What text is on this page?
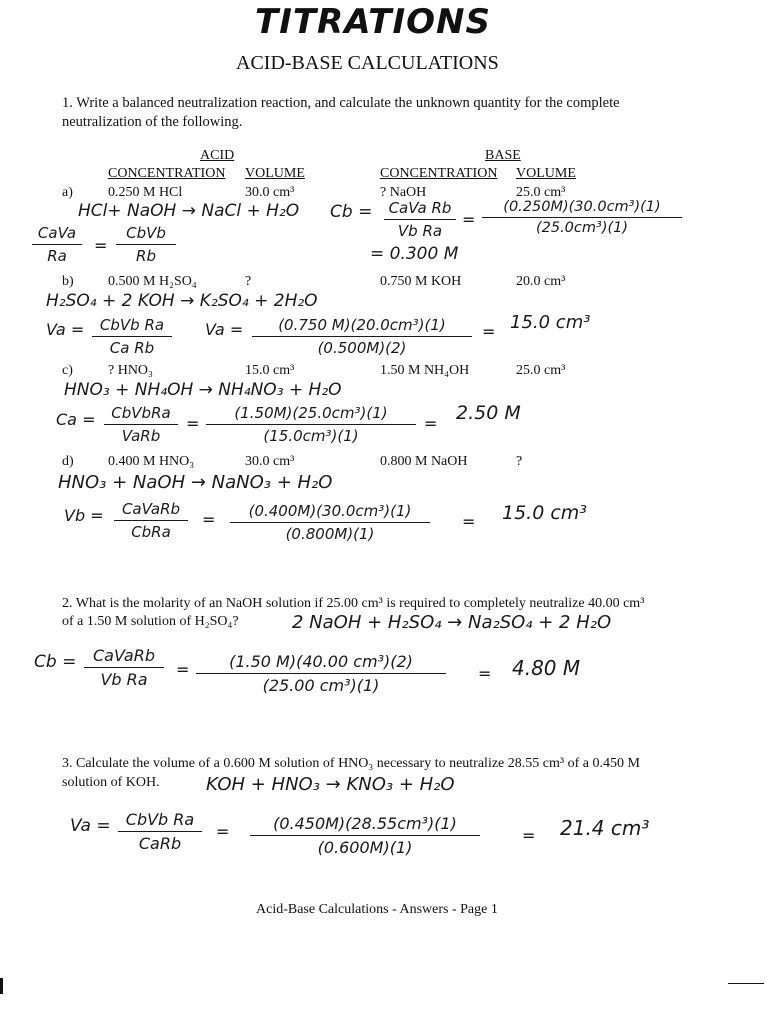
TITRATIONS
ACID-BASE CALCULATIONS
1. Write a balanced neutralization reaction, and calculate the unknown quantity for the complete
neutralization of the following.
ACID	BASE
CONCENTRATION VOLUME	CONCENTRATION VOLUME
a)	0.250 M HCl	30.0 cm³	? NaOH	25.0 cm³
HCl+ NaOH → NaCl + H₂O
CaVa
Ra
=
CbVb
Rb
Cb =	CaVa Rb
Vb Ra
=
(0.250M)(30.0cm³)(1)
(25.0cm³)(1)
= 0.300 M
b) 0.500 M H₂SO₄	?	0.750 M KOH	20.0 cm³
H₂SO₄ + 2 KOH → K₂SO₄ + 2H₂O
Va =	CbVb Ra
Ca Rb
Va =	(0.750 M)(20.0cm³)(1)
(0.500M)(2)
= 15.0 cm³
c)	? HNO₃	15.0 cm³	1.50 M NH₄OH	25.0 cm³
HNO₃ + NH₄OH → NH₄NO₃ + H₂O
Ca =	CbVbRa
VaRb
=
(1.50M)(25.0cm³)(1)
(15.0cm³)(1)
= 2.50 M
d) 0.400 M HNO₃	30.0 cm³	0.800 M NaOH	?
HNO₃ + NaOH → NaNO₃ + H₂O
Vb =	CaVaRb
CbRa
=	(0.400M)(30.0cm³)(1)
(0.800M)(1)
= 15.0 cm³
2. What is the molarity of an NaOH solution if 25.00 cm³ is required to completely neutralize 40.00 cm³
of a 1.50 M solution of H₂SO₄?	2 NaOH + H₂SO₄ → Na₂SO₄ + 2 H₂O
Cb =	CaVaRb
Vb Ra
=	(1.50 M)(40.00 cm³)(2)
(25.00 cm³)(1)
= 4.80 M
3. Calculate the volume of a 0.600 M solution of HNO₃ necessary to neutralize 28.55 cm³ of a 0.450 M
solution of KOH.	KOH + HNO₃ → KNO₃ + H₂O
Va = CbVb Ra
CaRb
=	(0.450M)(28.55cm³)(1)
(0.600M)(1)
= 21.4 cm³
Acid-Base Calculations - Answers - Page 1
